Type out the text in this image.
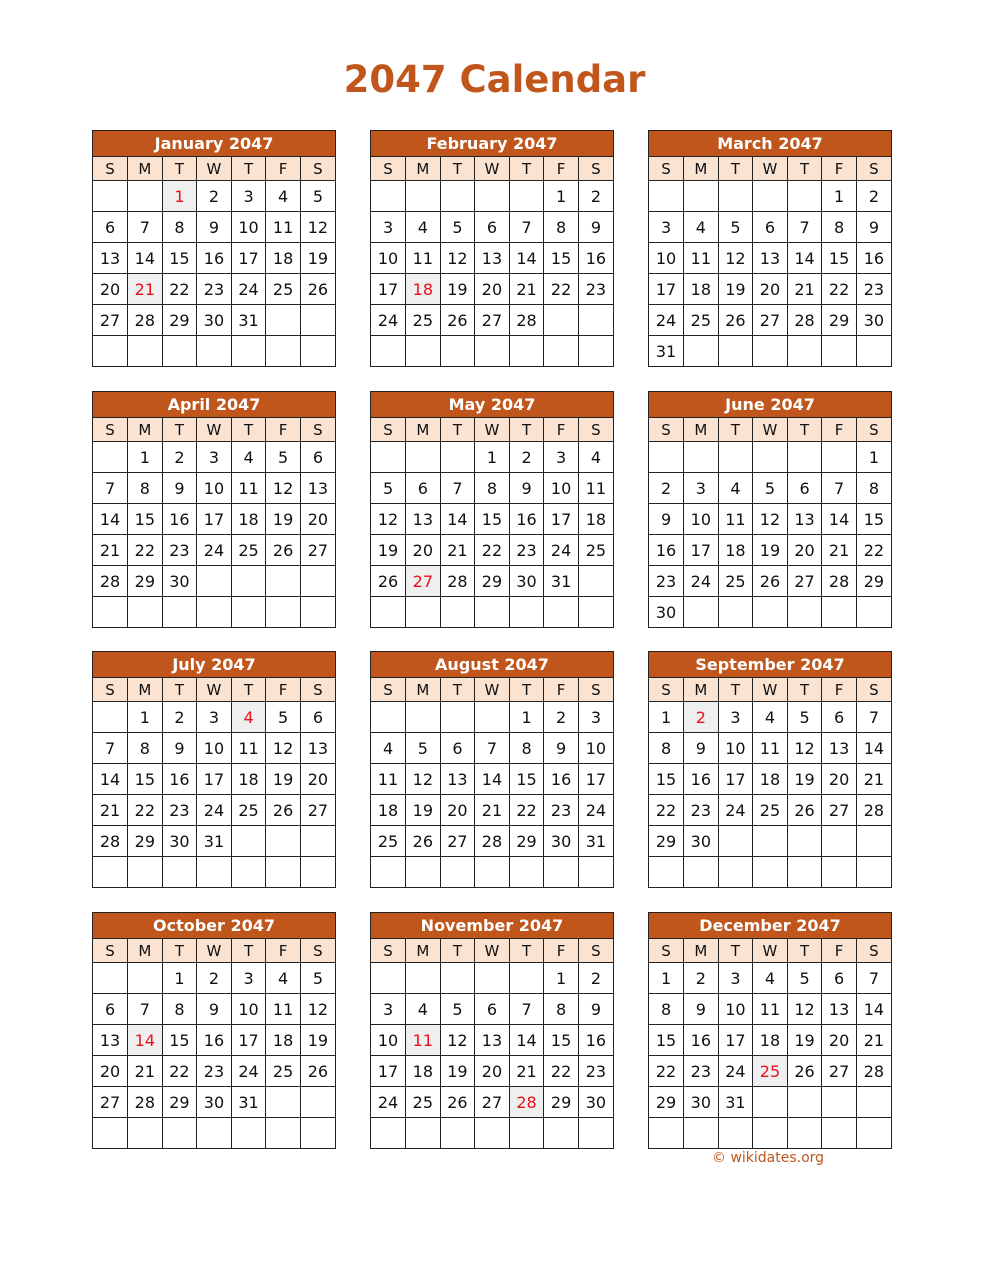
2047 Calendar
January 2047
S	M	T	W	T	F	S
		1	2	3	4	5
6	7	8	9	10	11	12
13	14	15	16	17	18	19
20	21	22	23	24	25	26
27	28	29	30	31		

February 2047
S	M	T	W	T	F	S
					1	2
3	4	5	6	7	8	9
10	11	12	13	14	15	16
17	18	19	20	21	22	23
24	25	26	27	28		

March 2047
S	M	T	W	T	F	S
					1	2
3	4	5	6	7	8	9
10	11	12	13	14	15	16
17	18	19	20	21	22	23
24	25	26	27	28	29	30
31						
April 2047
S	M	T	W	T	F	S
	1	2	3	4	5	6
7	8	9	10	11	12	13
14	15	16	17	18	19	20
21	22	23	24	25	26	27
28	29	30				

May 2047
S	M	T	W	T	F	S
			1	2	3	4
5	6	7	8	9	10	11
12	13	14	15	16	17	18
19	20	21	22	23	24	25
26	27	28	29	30	31	

June 2047
S	M	T	W	T	F	S
						1
2	3	4	5	6	7	8
9	10	11	12	13	14	15
16	17	18	19	20	21	22
23	24	25	26	27	28	29
30						
July 2047
S	M	T	W	T	F	S
	1	2	3	4	5	6
7	8	9	10	11	12	13
14	15	16	17	18	19	20
21	22	23	24	25	26	27
28	29	30	31			

August 2047
S	M	T	W	T	F	S
				1	2	3
4	5	6	7	8	9	10
11	12	13	14	15	16	17
18	19	20	21	22	23	24
25	26	27	28	29	30	31

September 2047
S	M	T	W	T	F	S
1	2	3	4	5	6	7
8	9	10	11	12	13	14
15	16	17	18	19	20	21
22	23	24	25	26	27	28
29	30					

October 2047
S	M	T	W	T	F	S
		1	2	3	4	5
6	7	8	9	10	11	12
13	14	15	16	17	18	19
20	21	22	23	24	25	26
27	28	29	30	31		

November 2047
S	M	T	W	T	F	S
					1	2
3	4	5	6	7	8	9
10	11	12	13	14	15	16
17	18	19	20	21	22	23
24	25	26	27	28	29	30

December 2047
S	M	T	W	T	F	S
1	2	3	4	5	6	7
8	9	10	11	12	13	14
15	16	17	18	19	20	21
22	23	24	25	26	27	28
29	30	31				

© wikidates.org
